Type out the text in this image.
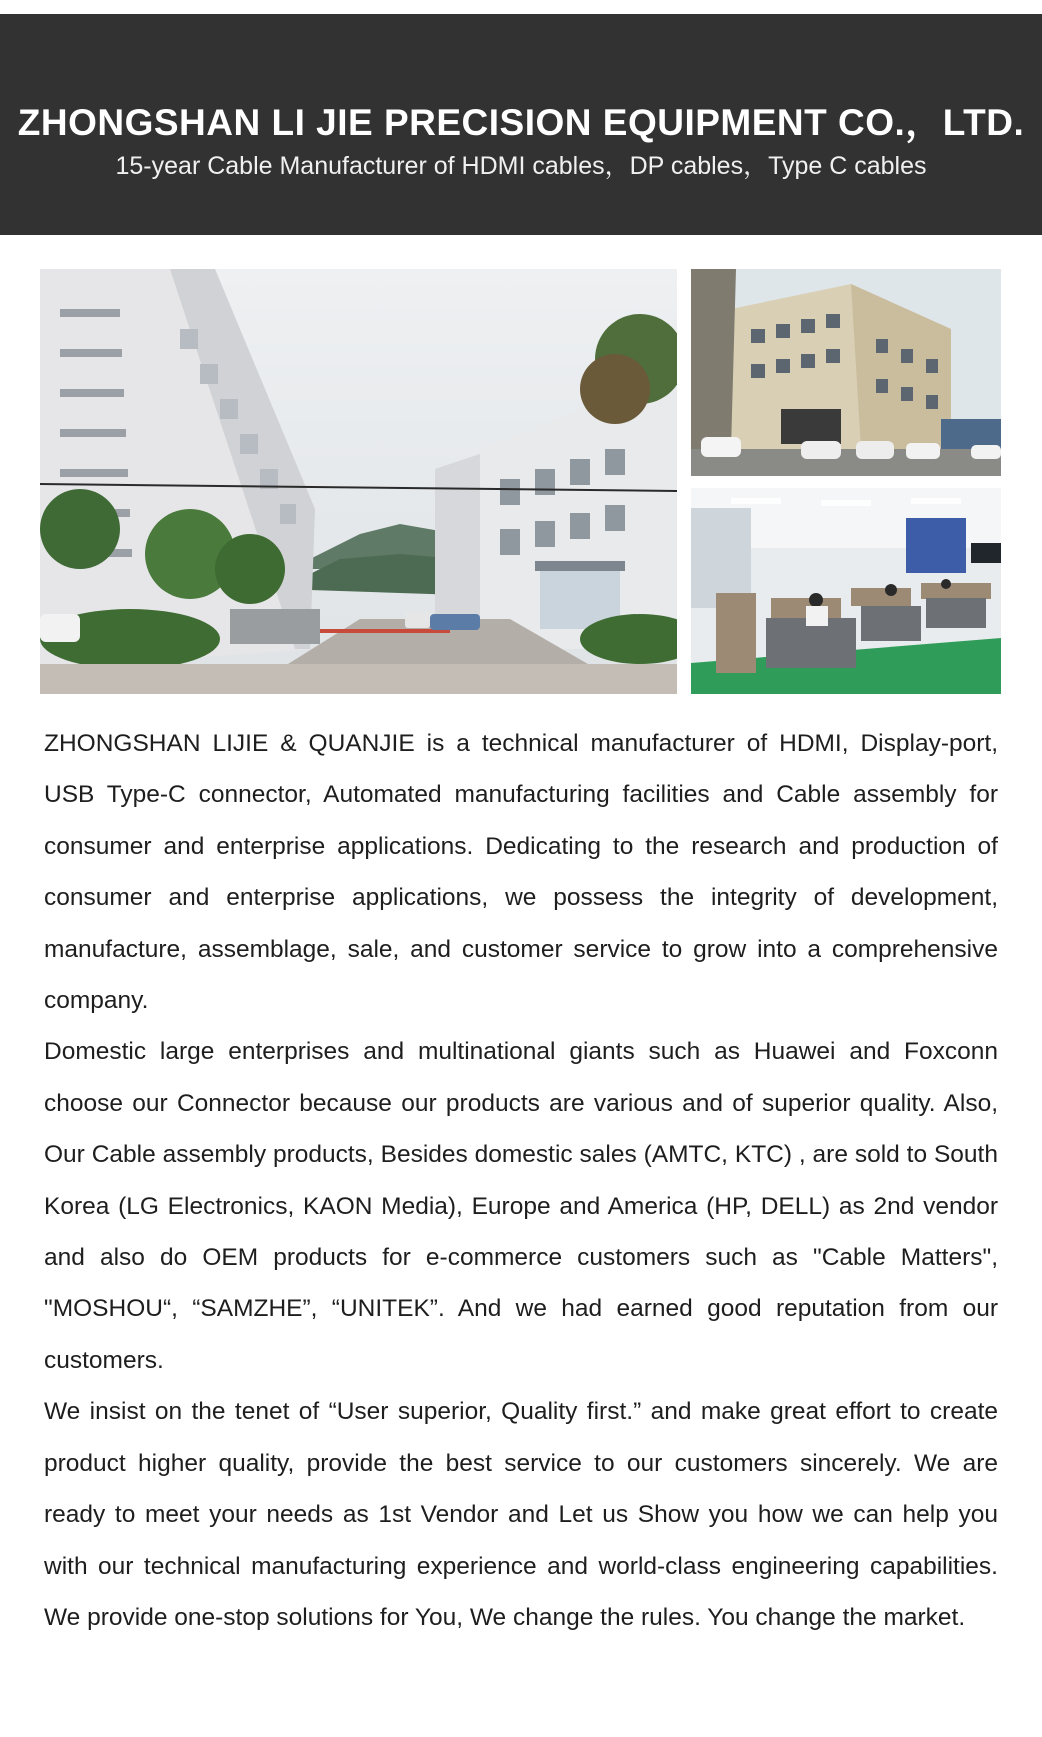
ZHONGSHAN LI JIE PRECISION EQUIPMENT CO.，LTD.
15-year Cable Manufacturer of HDMI cables，DP cables，Type C cables

ZHONGSHAN LIJIE & QUANJIE is a technical manufacturer of HDMI, Display-port, USB Type-C connector, Automated manufacturing facilities and Cable assembly for consumer and enterprise applications. Dedicating to the research and production of consumer and enterprise applications, we possess the integrity of development, manufacture, assemblage, sale, and customer service to grow into a comprehensive company.

Domestic large enterprises and multinational giants such as Huawei and Foxconn choose our Connector because our products are various and of superior quality. Also, Our Cable assembly products, Besides domestic sales (AMTC, KTC) , are sold to South Korea (LG Electronics, KAON Media), Europe and America (HP, DELL) as 2nd vendor and also do OEM products for e-commerce customers such as "Cable Matters", "MOSHOU“, “SAMZHE”, “UNITEK”. And we had earned good reputation from our customers.

We insist on the tenet of “User superior, Quality first.” and make great effort to create product higher quality, provide the best service to our customers sincerely. We are ready to meet your needs as 1st Vendor and Let us Show you how we can help you with our technical manufacturing experience and world-class engineering capabilities. We provide one-stop solutions for You, We change the rules. You change the market.
